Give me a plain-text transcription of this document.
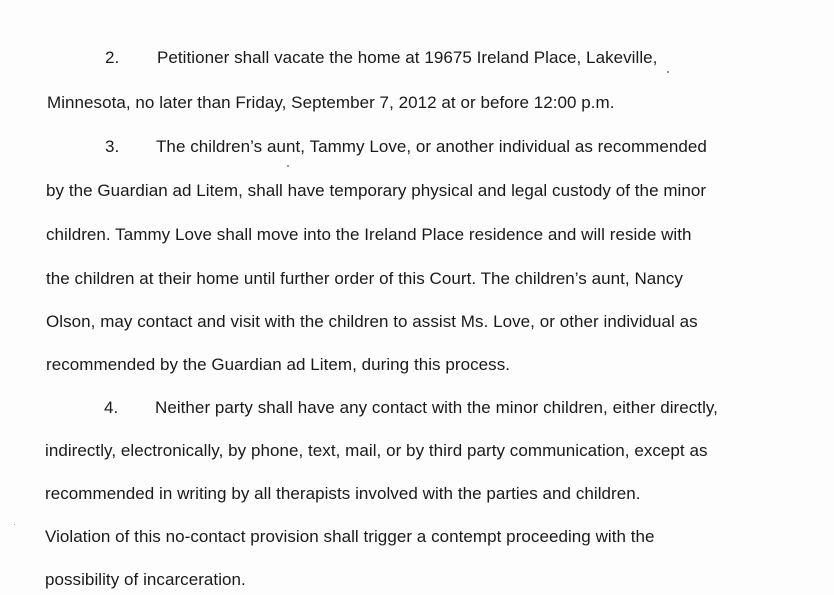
2. Petitioner shall vacate the home at 19675 Ireland Place, Lakeville,
Minnesota, no later than Friday, September 7, 2012 at or before 12:00 p.m.
3. The children’s aunt, Tammy Love, or another individual as recommended
by the Guardian ad Litem, shall have temporary physical and legal custody of the minor
children. Tammy Love shall move into the Ireland Place residence and will reside with
the children at their home until further order of this Court. The children’s aunt, Nancy
Olson, may contact and visit with the children to assist Ms. Love, or other individual as
recommended by the Guardian ad Litem, during this process.
4. Neither party shall have any contact with the minor children, either directly,
indirectly, electronically, by phone, text, mail, or by third party communication, except as
recommended in writing by all therapists involved with the parties and children.
Violation of this no-contact provision shall trigger a contempt proceeding with the
possibility of incarceration.
